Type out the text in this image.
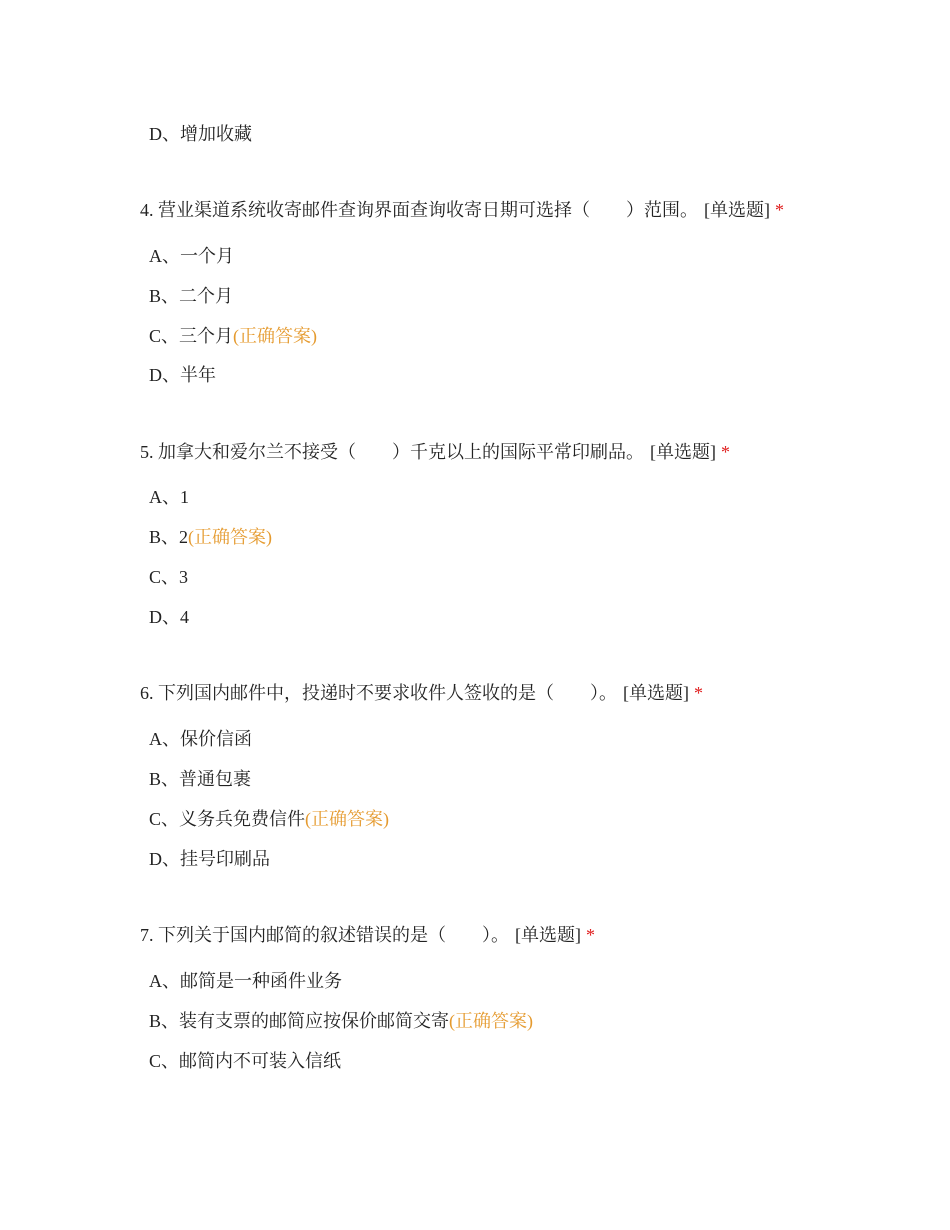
D、增加收藏
4. 营业渠道系统收寄邮件查询界面查询收寄日期可选择（　　）范围。 [单选题] *
A、一个月
B、二个月
C、三个月(正确答案)
D、半年
5. 加拿大和爱尔兰不接受（　　）千克以上的国际平常印刷品。 [单选题] *
A、1
B、2(正确答案)
C、3
D、4
6. 下列国内邮件中，投递时不要求收件人签收的是（　　）。 [单选题] *
A、保价信函
B、普通包裹
C、义务兵免费信件(正确答案)
D、挂号印刷品
7. 下列关于国内邮简的叙述错误的是（　　）。 [单选题] *
A、邮简是一种函件业务
B、装有支票的邮简应按保价邮简交寄(正确答案)
C、邮简内不可装入信纸
